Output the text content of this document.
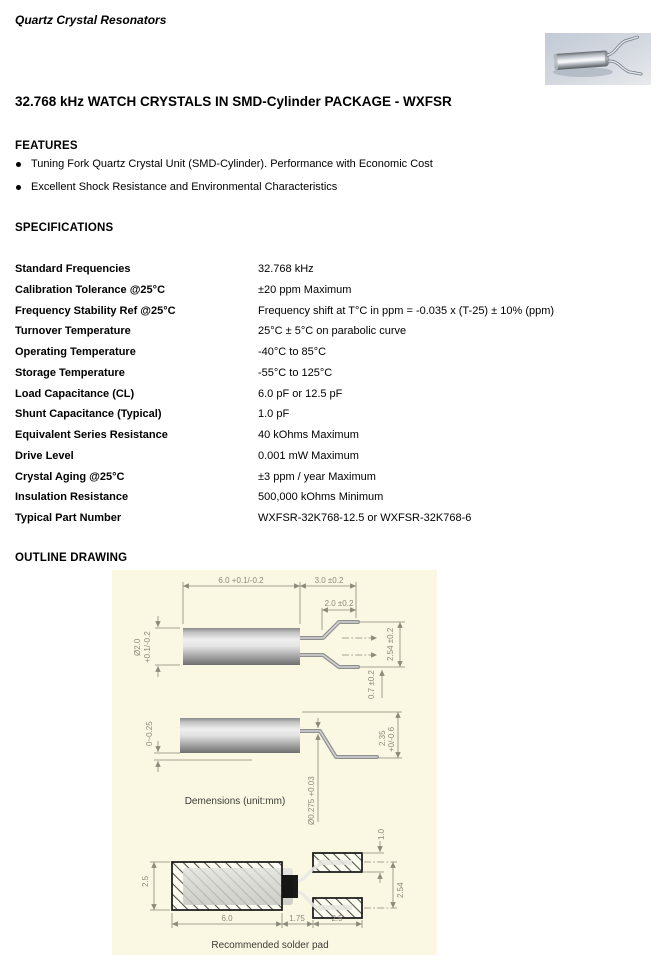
Quartz Crystal Resonators
32.768 kHz WATCH CRYSTALS IN SMD-Cylinder PACKAGE - WXFSR
FEATURES
Tuning Fork Quartz Crystal Unit (SMD-Cylinder). Performance with Economic Cost
Excellent Shock Resistance and Environmental Characteristics
SPECIFICATIONS
Standard Frequencies	32.768 kHz
Calibration Tolerance @25°C	±20 ppm Maximum
Frequency Stability Ref @25°C	Frequency shift at T°C in ppm = -0.035 x (T-25) ± 10% (ppm)
Turnover Temperature	25°C ± 5°C on parabolic curve
Operating Temperature	-40°C to 85°C
Storage Temperature	-55°C to 125°C
Load Capacitance (CL)	6.0 pF or 12.5 pF
Shunt Capacitance (Typical)	1.0 pF
Equivalent Series Resistance	40 kOhms Maximum
Drive Level	0.001 mW Maximum
Crystal Aging @25°C	±3 ppm / year Maximum
Insulation Resistance	500,000 kOhms Minimum
Typical Part Number	WXFSR-32K768-12.5 or WXFSR-32K768-6
OUTLINE DRAWING
6.0 +0.1/-0.2	3.0 ±0.2
2.0 ±0.2
Ø2.0 +0.1/-0.2	2.54 ±0.2
0.7 ±0.2
0~0.25	2.35 +0/-0.6
Ø0.275 +0.03
Demensions (unit:mm)
2.5
6.0	1.75	2.5
1.0
2.54
Recommended solder pad
